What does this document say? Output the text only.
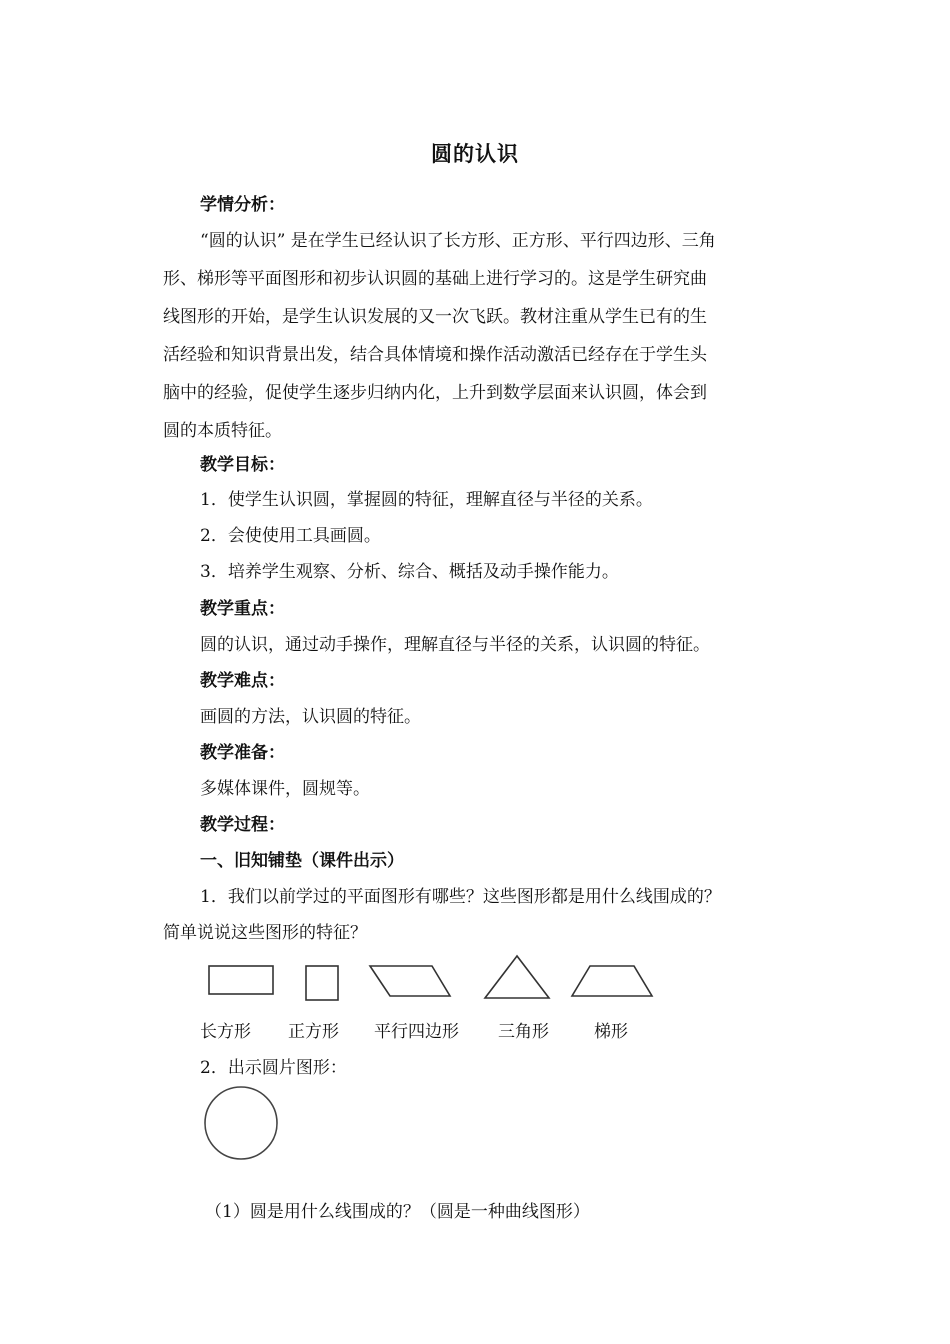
圆的认识
学情分析：

“圆的认识” 是在学生已经认识了长方形、正方形、平行四边形、三角

形、梯形等平面图形和初步认识圆的基础上进行学习的。这是学生研究曲

线图形的开始，是学生认识发展的又一次飞跃。教材注重从学生已有的生

活经验和知识背景出发，结合具体情境和操作活动激活已经存在于学生头

脑中的经验，促使学生逐步归纳内化，上升到数学层面来认识圆，体会到

圆的本质特征。

教学目标：
1．使学生认识圆，掌握圆的特征，理解直径与半径的关系。
2．会使使用工具画圆。
3．培养学生观察、分析、综合、概括及动手操作能力。
教学重点：
圆的认识，通过动手操作，理解直径与半径的关系，认识圆的特征。
教学难点：
画圆的方法，认识圆的特征。
教学准备：
多媒体课件，圆规等。
教学过程：
一、旧知铺垫（课件出示）
1．我们以前学过的平面图形有哪些？这些图形都是用什么线围成的？
简单说说这些图形的特征？
长方形 正方形 平行四边形 三角形	梯形
2．出示圆片图形：
（1）圆是用什么线围成的？（圆是一种曲线图形）
